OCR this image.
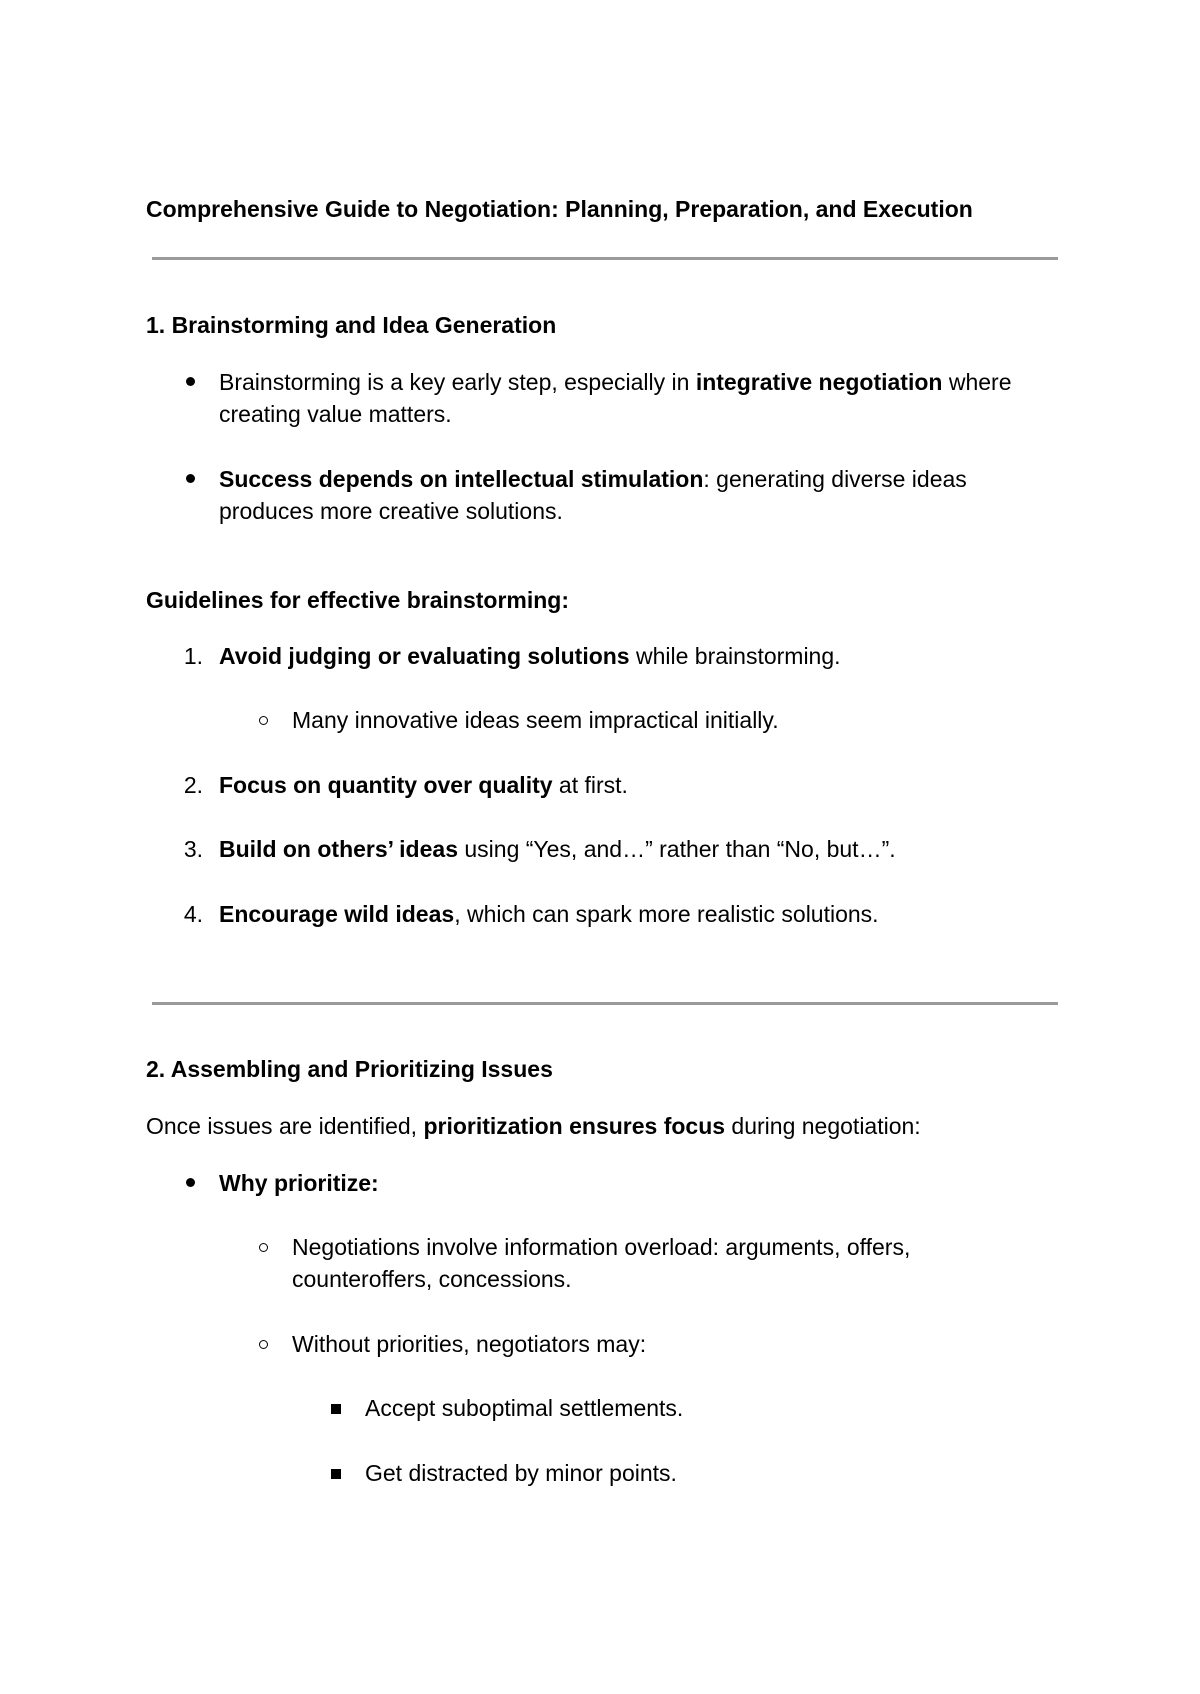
Comprehensive Guide to Negotiation: Planning, Preparation, and Execution
1. Brainstorming and Idea Generation
Brainstorming is a key early step, especially in integrative negotiation where
creating value matters.
Success depends on intellectual stimulation: generating diverse ideas
produces more creative solutions.
Guidelines for effective brainstorming:
1. Avoid judging or evaluating solutions while brainstorming.
Many innovative ideas seem impractical initially.
2. Focus on quantity over quality at first.
3. Build on others’ ideas using “Yes, and…” rather than “No, but…”.
4. Encourage wild ideas, which can spark more realistic solutions.
2. Assembling and Prioritizing Issues
Once issues are identified, prioritization ensures focus during negotiation:
Why prioritize:
Negotiations involve information overload: arguments, offers,
counteroffers, concessions.
Without priorities, negotiators may:
Accept suboptimal settlements.
Get distracted by minor points.
